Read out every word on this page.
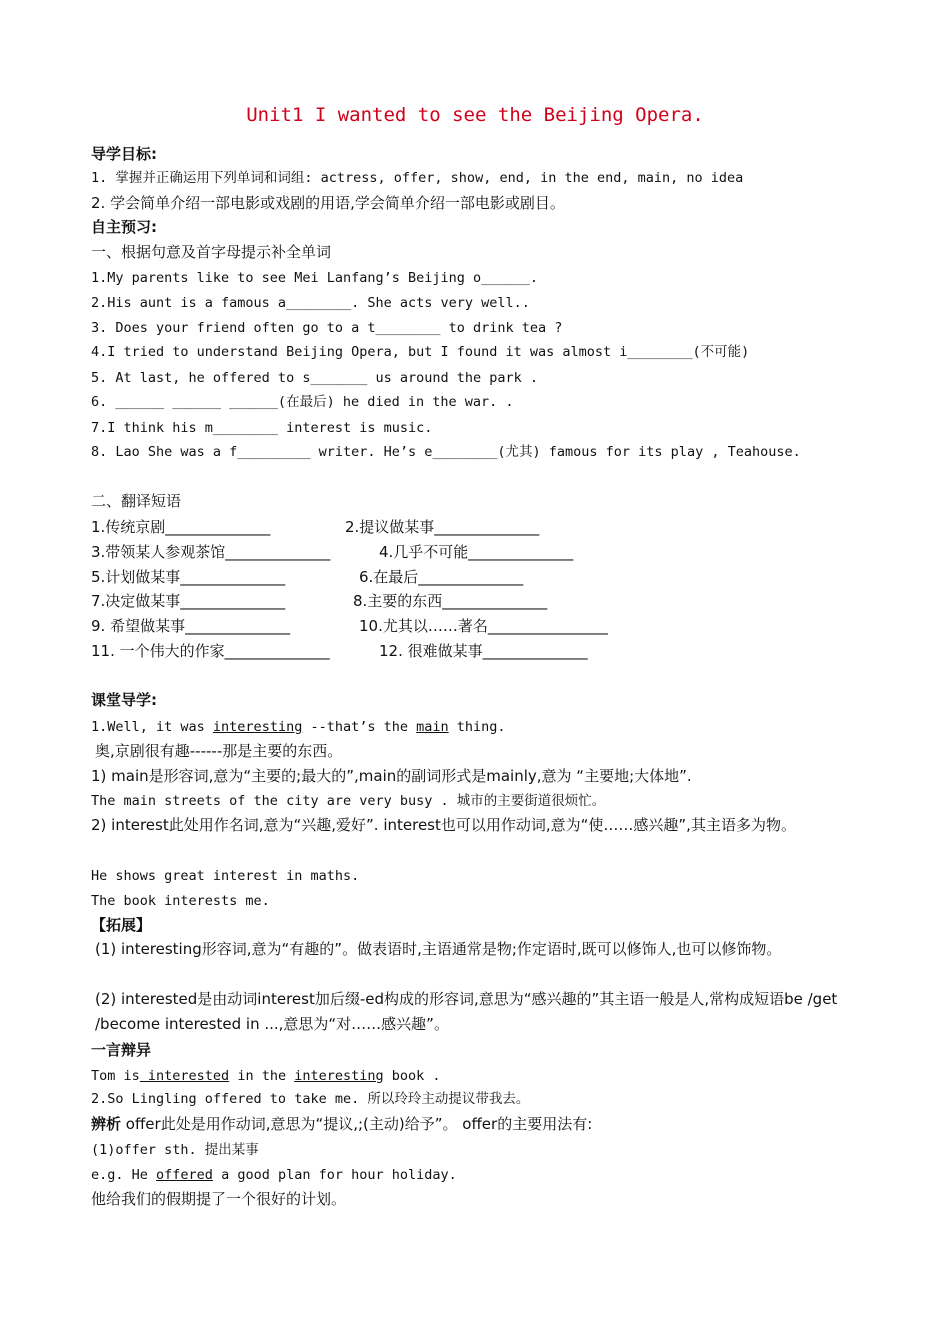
Unit1 I wanted to see the Beijing Opera.
导学目标:
1. 掌握并正确运用下列单词和词组: actress, offer, show, end, in the end, main, no idea
2. 学会简单介绍一部电影或戏剧的用语,学会简单介绍一部电影或剧目。
自主预习:
一、根据句意及首字母提示补全单词
1.My parents like to see Mei Lanfang’s Beijing o______.
2.His aunt is a famous a________. She acts very well..
3. Does your friend often go to a t________ to drink tea ?
4.I tried to understand Beijing Opera, but I found it was almost i________(不可能)
5. At last, he offered to s_______ us around the park .
6. ______ ______ ______(在最后) he died in the war. .
7.I think his m________ interest is music.
8. Lao She was a f_________ writer. He’s e________(尤其) famous for its play , Teahouse.
二、翻译短语
1.传统京剧______________	2.提议做某事______________
3.带领某人参观茶馆______________	4.几乎不可能______________
5.计划做某事______________	6.在最后______________
7.决定做某事______________	8.主要的东西______________
9. 希望做某事______________	10.尤其以……著名________________
11. 一个伟大的作家______________	12. 很难做某事______________
课堂导学:
1.Well, it was interesting --that’s the main thing.
奥,京剧很有趣------那是主要的东西。
1) main是形容词,意为“主要的;最大的”,main的副词形式是mainly,意为 “主要地;大体地”.
The main streets of the city are very busy . 城市的主要街道很烦忙。
2) interest此处用作名词,意为“兴趣,爱好”. interest也可以用作动词,意为“使……感兴趣”,其主语多为物。
He shows great interest in maths.
The book interests me.
【拓展】
(1) interesting形容词,意为“有趣的”。做表语时,主语通常是物;作定语时,既可以修饰人,也可以修饰物。
(2) interested是由动词interest加后缀-ed构成的形容词,意思为“感兴趣的”其主语一般是人,常构成短语be /get /become interested in ...,意思为“对……感兴趣”。
一言辩异
Tom is interested in the interesting book .
2.So Lingling offered to take me. 所以玲玲主动提议带我去。
辨析 offer此处是用作动词,意思为“提议,;(主动)给予”。 offer的主要用法有:
(1)offer sth. 提出某事
e.g. He offered a good plan for hour holiday.
他给我们的假期提了一个很好的计划。
